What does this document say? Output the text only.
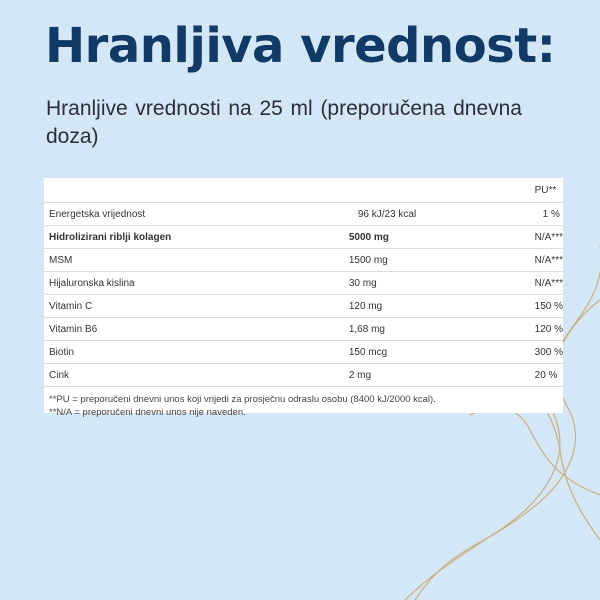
Hranljiva vrednost:
Hranljive vrednosti na 25 ml (preporučena dnevna doza)
		PU**
Energetska vrijednost	96 kJ/23 kcal	1 %
Hidrolizirani riblji kolagen	5000 mg	N/A***
MSM	1500 mg	N/A***
Hijaluronska kislina	30 mg	N/A***
Vitamin C	120 mg	150 %
Vitamin B6	1,68 mg	120 %
Biotin	150 mcg	300 %
Cink	2 mg	20 %
**PU = preporučeni dnevni unos koji vrijedi za prosječnu odraslu osobu (8400 kJ/2000 kcal).
**N/A = preporučeni dnevni unos nije naveden.
